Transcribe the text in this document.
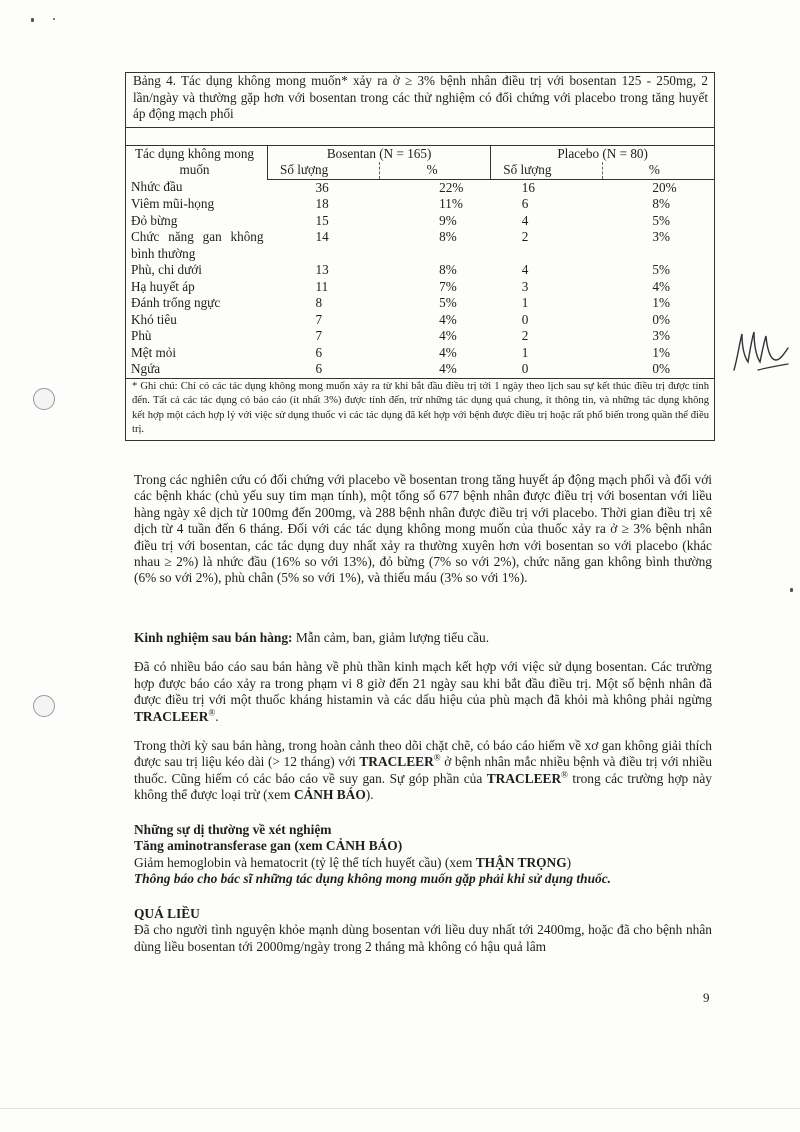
Bảng 4. Tác dụng không mong muốn* xảy ra ở ≥ 3% bệnh nhân điều trị với bosentan 125 - 250mg, 2 lần/ngày và thường gặp hơn với bosentan trong các thử nghiệm có đối chứng với placebo trong tăng huyết áp động mạch phổi
Tác dụng không mong muốn	Bosentan (N = 165)		Placebo (N = 80)	
	Số lượng	%	Số lượng	%
Nhức đầu	36	22%	16	20%
Viêm mũi-họng	18	11%	6	8%
Đỏ bừng	15	9%	4	5%
Chức năng gan không bình thường	14	8%	2	3%
Phù, chi dưới	13	8%	4	5%
Hạ huyết áp	11	7%	3	4%
Đánh trống ngực	8	5%	1	1%
Khó tiêu	7	4%	0	0%
Phù	7	4%	2	3%
Mệt mỏi	6	4%	1	1%
Ngứa	6	4%	0	0%
* Ghi chú: Chỉ có các tác dụng không mong muốn xảy ra từ khi bắt đầu điều trị tới 1 ngày theo lịch sau sự kết thúc điều trị được tính đến. Tất cả các tác dụng có báo cáo (ít nhất 3%) được tính đến, trừ những tác dụng quá chung, ít thông tin, và những tác dụng không kết hợp một cách hợp lý với việc sử dụng thuốc vì các tác dụng đã kết hợp với bệnh được điều trị hoặc rất phổ biến trong quần thể điều trị.

Trong các nghiên cứu có đối chứng với placebo về bosentan trong tăng huyết áp động mạch phổi và đối với các bệnh khác (chủ yếu suy tim mạn tính), một tổng số 677 bệnh nhân được điều trị với bosentan với liều hàng ngày xê dịch từ 100mg đến 200mg, và 288 bệnh nhân được điều trị với placebo. Thời gian điều trị xê dịch từ 4 tuần đến 6 tháng. Đối với các tác dụng không mong muốn của thuốc xảy ra ở ≥ 3% bệnh nhân điều trị với bosentan, các tác dụng duy nhất xảy ra thường xuyên hơn với bosentan so với placebo (khác nhau ≥ 2%) là nhức đầu (16% so với 13%), đỏ bừng (7% so với 2%), chức năng gan không bình thường (6% so với 2%), phù chân (5% so với 1%), và thiếu máu (3% so với 1%).

Kinh nghiệm sau bán hàng: Mẫn cảm, ban, giảm lượng tiểu cầu.

Đã có nhiều báo cáo sau bán hàng về phù thần kinh mạch kết hợp với việc sử dụng bosentan. Các trường hợp được báo cáo xảy ra trong phạm vi 8 giờ đến 21 ngày sau khi bắt đầu điều trị. Một số bệnh nhân đã được điều trị với một thuốc kháng histamin và các dấu hiệu của phù mạch đã khỏi mà không phải ngừng TRACLEER®.

Trong thời kỳ sau bán hàng, trong hoàn cảnh theo dõi chặt chẽ, có báo cáo hiếm về xơ gan không giải thích được sau trị liệu kéo dài (> 12 tháng) với TRACLEER® ở bệnh nhân mắc nhiều bệnh và điều trị với nhiều thuốc. Cũng hiếm có các báo cáo về suy gan. Sự góp phần của TRACLEER® trong các trường hợp này không thể được loại trừ (xem CẢNH BÁO).

Những sự dị thường về xét nghiệm

Tăng aminotransferase gan (xem CẢNH BÁO)

Giảm hemoglobin và hematocrit (tỷ lệ thể tích huyết cầu) (xem THẬN TRỌNG)

Thông báo cho bác sĩ những tác dụng không mong muốn gặp phải khi sử dụng thuốc.

QUÁ LIỀU

Đã cho người tình nguyện khỏe mạnh dùng bosentan với liều duy nhất tới 2400mg, hoặc đã cho bệnh nhân dùng liều bosentan tới 2000mg/ngày trong 2 tháng mà không có hậu quả lâm

9
